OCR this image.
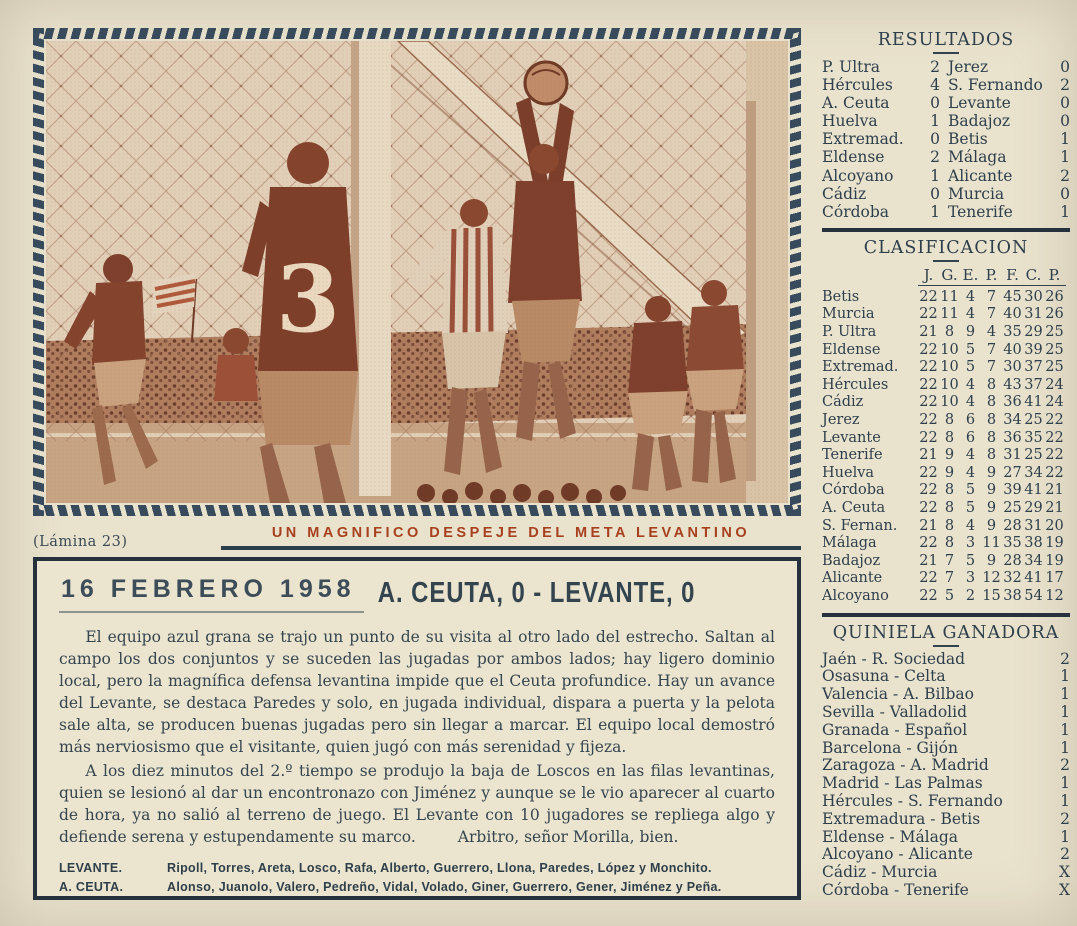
(Lámina 23)
UN MAGNIFICO DESPEJE DEL META LEVANTINO
16 FEBRERO 1958 A. CEUTA, 0 - LEVANTE, 0

El equipo azul grana se trajo un punto de su visita al otro lado del estrecho. Saltan al campo los dos conjuntos y se suceden las jugadas por ambos lados; hay ligero dominio local, pero la magnífica defensa levantina impide que el Ceuta profundice. Hay un avance del Levante, se destaca Paredes y solo, en jugada individual, dispara a puerta y la pelota sale alta, se producen buenas jugadas pero sin llegar a marcar. El equipo local demostró más nerviosismo que el visitante, quien jugó con más serenidad y fijeza.

A los diez minutos del 2.º tiempo se produjo la baja de Loscos en las filas levantinas, quien se lesionó al dar un encontronazo con Jiménez y aunque se le vio aparecer al cuarto de hora, ya no salió al terreno de juego. El Levante con 10 jugadores se repliega algo y defiende serena y estupendamente su marco.	Arbitro, señor Morilla, bien.

LEVANTE.	Ripoll, Torres, Areta, Losco, Rafa, Alberto, Guerrero, Llona, Paredes, López y Monchito.
A. CEUTA.	Alonso, Juanolo, Valero, Pedreño, Vidal, Volado, Giner, Guerrero, Gener, Jiménez y Peña.
RESULTADOS
P. Ultra	2 Jerez	0
Hércules	4 S. Fernando	2
A. Ceuta	0 Levante	0
Huelva	1 Badajoz	0
Extremad.	0 Betis	1
Eldense	2 Málaga	1
Alcoyano	1 Alicante	2
Cádiz	0 Murcia	0
Córdoba	1 Tenerife	1
CLASIFICACION
J. G. E. P. F. C. P.
Betis	22 11 4 7 45 30 26
Murcia	22 11 4 7 40 31 26
P. Ultra	21 8 9 4 35 29 25
Eldense	22 10 5 7 40 39 25
Extremad.	22 10 5 7 30 37 25
Hércules	22 10 4 8 43 37 24
Cádiz	22 10 4 8 36 41 24
Jerez	22 8 6 8 34 25 22
Levante	22 8 6 8 36 35 22
Tenerife	21 9 4 8 31 25 22
Huelva	22 9 4 9 27 34 22
Córdoba	22 8 5 9 39 41 21
A. Ceuta	22 8 5 9 25 29 21
S. Fernan.	21 8 4 9 28 31 20
Málaga	22 8 3 11 35 38 19
Badajoz	21 7 5 9 28 34 19
Alicante	22 7 3 12 32 41 17
Alcoyano	22 5 2 15 38 54 12
QUINIELA GANADORA
Jaén - R. Sociedad	2
Osasuna - Celta	1
Valencia - A. Bilbao	1
Sevilla - Valladolid	1
Granada - Español	1
Barcelona - Gijón	1
Zaragoza - A. Madrid	2
Madrid - Las Palmas	1
Hércules - S. Fernando	1
Extremadura - Betis	2
Eldense - Málaga	1
Alcoyano - Alicante	2
Cádiz - Murcia	X
Córdoba - Tenerife	X
